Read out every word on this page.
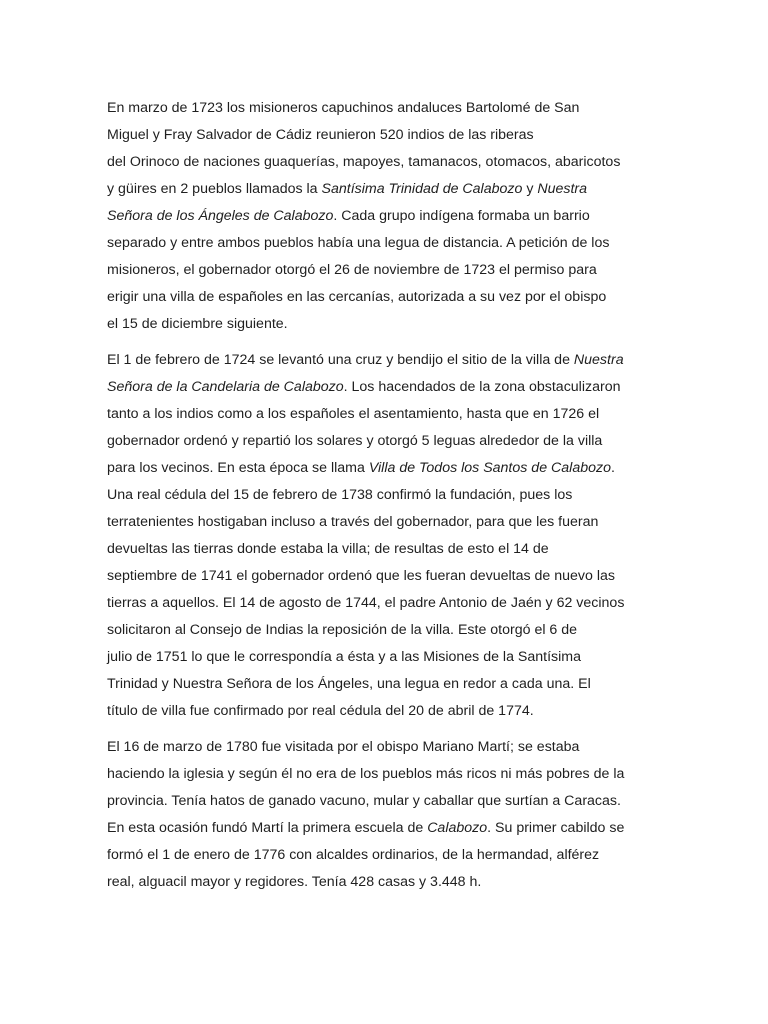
En marzo de 1723 los misioneros capuchinos andaluces Bartolomé de San
Miguel y Fray Salvador de Cádiz reunieron 520 indios de las riberas
del Orinoco de naciones guaquerías, mapoyes, tamanacos, otomacos, abaricotos
y güires en 2 pueblos llamados la Santísima Trinidad de Calabozo y Nuestra
Señora de los Ángeles de Calabozo. Cada grupo indígena formaba un barrio
separado y entre ambos pueblos había una legua de distancia. A petición de los
misioneros, el gobernador otorgó el 26 de noviembre de 1723 el permiso para
erigir una villa de españoles en las cercanías, autorizada a su vez por el obispo
el 15 de diciembre siguiente.
El 1 de febrero de 1724 se levantó una cruz y bendijo el sitio de la villa de Nuestra
Señora de la Candelaria de Calabozo. Los hacendados de la zona obstaculizaron
tanto a los indios como a los españoles el asentamiento, hasta que en 1726 el
gobernador ordenó y repartió los solares y otorgó 5 leguas alrededor de la villa
para los vecinos. En esta época se llama Villa de Todos los Santos de Calabozo.
Una real cédula del 15 de febrero de 1738 confirmó la fundación, pues los
terratenientes hostigaban incluso a través del gobernador, para que les fueran
devueltas las tierras donde estaba la villa; de resultas de esto el 14 de
septiembre de 1741 el gobernador ordenó que les fueran devueltas de nuevo las
tierras a aquellos. El 14 de agosto de 1744, el padre Antonio de Jaén y 62 vecinos
solicitaron al Consejo de Indias la reposición de la villa. Este otorgó el 6 de
julio de 1751 lo que le correspondía a ésta y a las Misiones de la Santísima
Trinidad y Nuestra Señora de los Ángeles, una legua en redor a cada una. El
título de villa fue confirmado por real cédula del 20 de abril de 1774.
El 16 de marzo de 1780 fue visitada por el obispo Mariano Martí; se estaba
haciendo la iglesia y según él no era de los pueblos más ricos ni más pobres de la
provincia. Tenía hatos de ganado vacuno, mular y caballar que surtían a Caracas.
En esta ocasión fundó Martí la primera escuela de Calabozo. Su primer cabildo se
formó el 1 de enero de 1776 con alcaldes ordinarios, de la hermandad, alférez
real, alguacil mayor y regidores. Tenía 428 casas y 3.448 h.
